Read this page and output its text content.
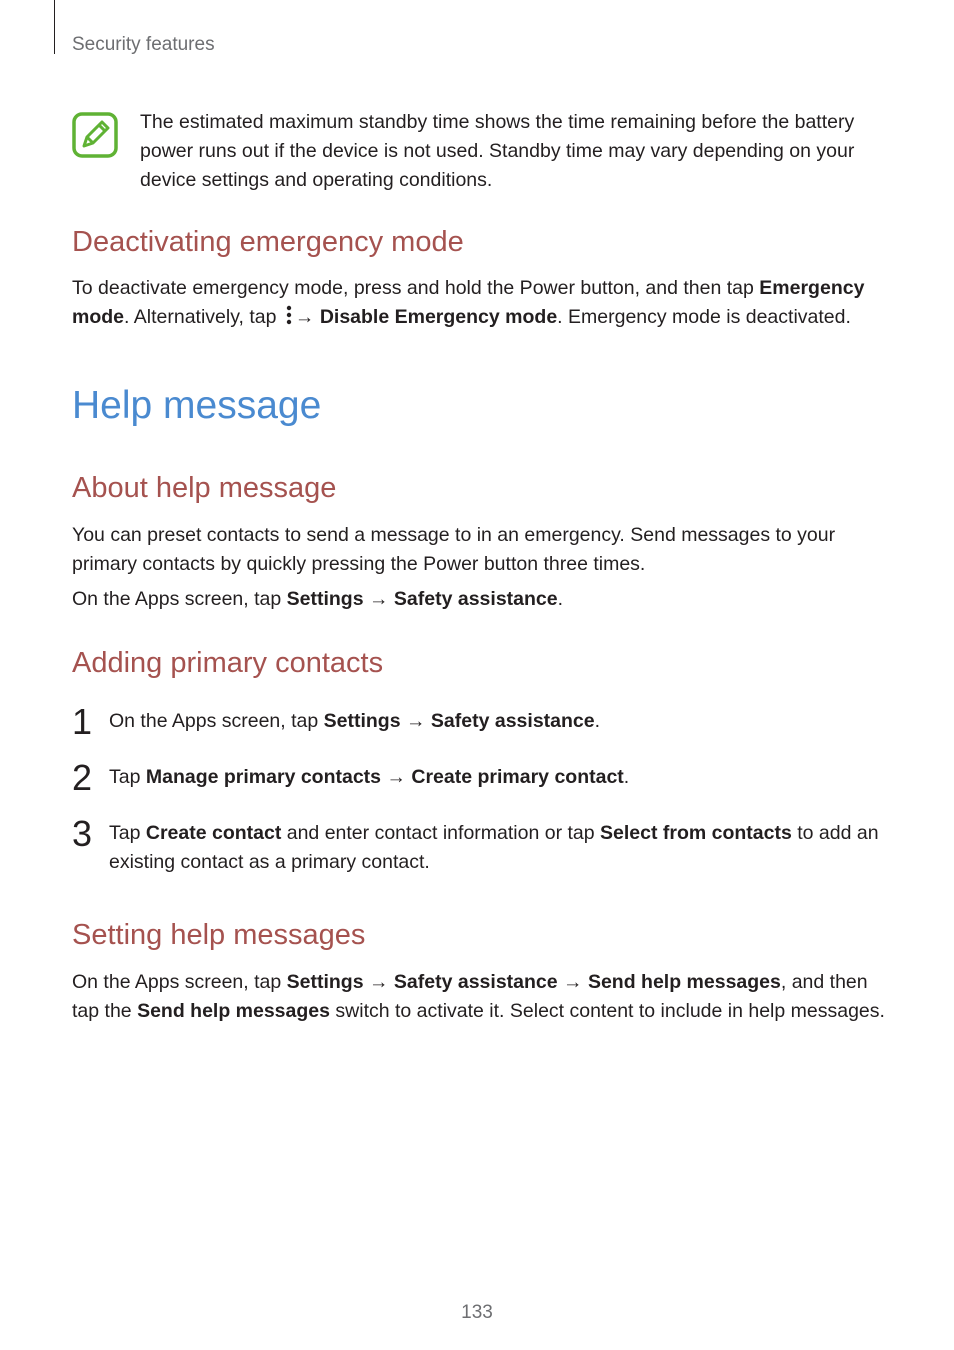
Security features
The estimated maximum standby time shows the time remaining before the battery power runs out if the device is not used. Standby time may vary depending on your device settings and operating conditions.
Deactivating emergency mode
To deactivate emergency mode, press and hold the Power button, and then tap Emergency mode. Alternatively, tap → Disable Emergency mode. Emergency mode is deactivated.
Help message
About help message
You can preset contacts to send a message to in an emergency. Send messages to your primary contacts by quickly pressing the Power button three times.
On the Apps screen, tap Settings → Safety assistance.
Adding primary contacts
1 On the Apps screen, tap Settings → Safety assistance.
2 Tap Manage primary contacts → Create primary contact.
3 Tap Create contact and enter contact information or tap Select from contacts to add an existing contact as a primary contact.
Setting help messages
On the Apps screen, tap Settings → Safety assistance → Send help messages, and then tap the Send help messages switch to activate it. Select content to include in help messages.
133
